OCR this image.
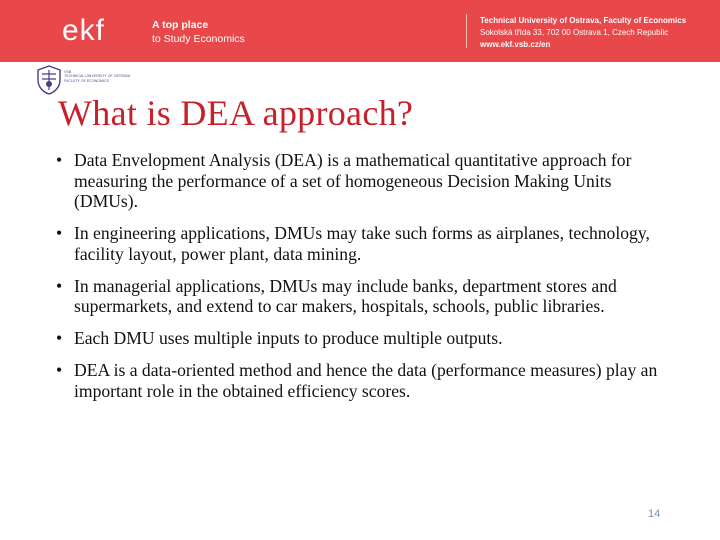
ekf	A top place
to Study Economics
Technical University of Ostrava, Faculty of Economics
Sokolská třída 33, 702 00 Ostrava 1, Czech Republic
www.ekf.vsb.cz/en
VSB
TECHNICAL UNIVERSITY OF OSTRAVA
FACULTY OF ECONOMICS
What is DEA approach?
• Data Envelopment Analysis (DEA) is a mathematical quantitative approach for measuring the performance of a set of homogeneous Decision Making Units (DMUs).
• In engineering applications, DMUs may take such forms as airplanes, technology, facility layout, power plant, data mining.
• In managerial applications, DMUs may include banks, department stores and supermarkets, and extend to car makers, hospitals, schools, public libraries.
• Each DMU uses multiple inputs to produce multiple outputs.
• DEA is a data-oriented method and hence the data (performance measures) play an important role in the obtained efficiency scores.
14
